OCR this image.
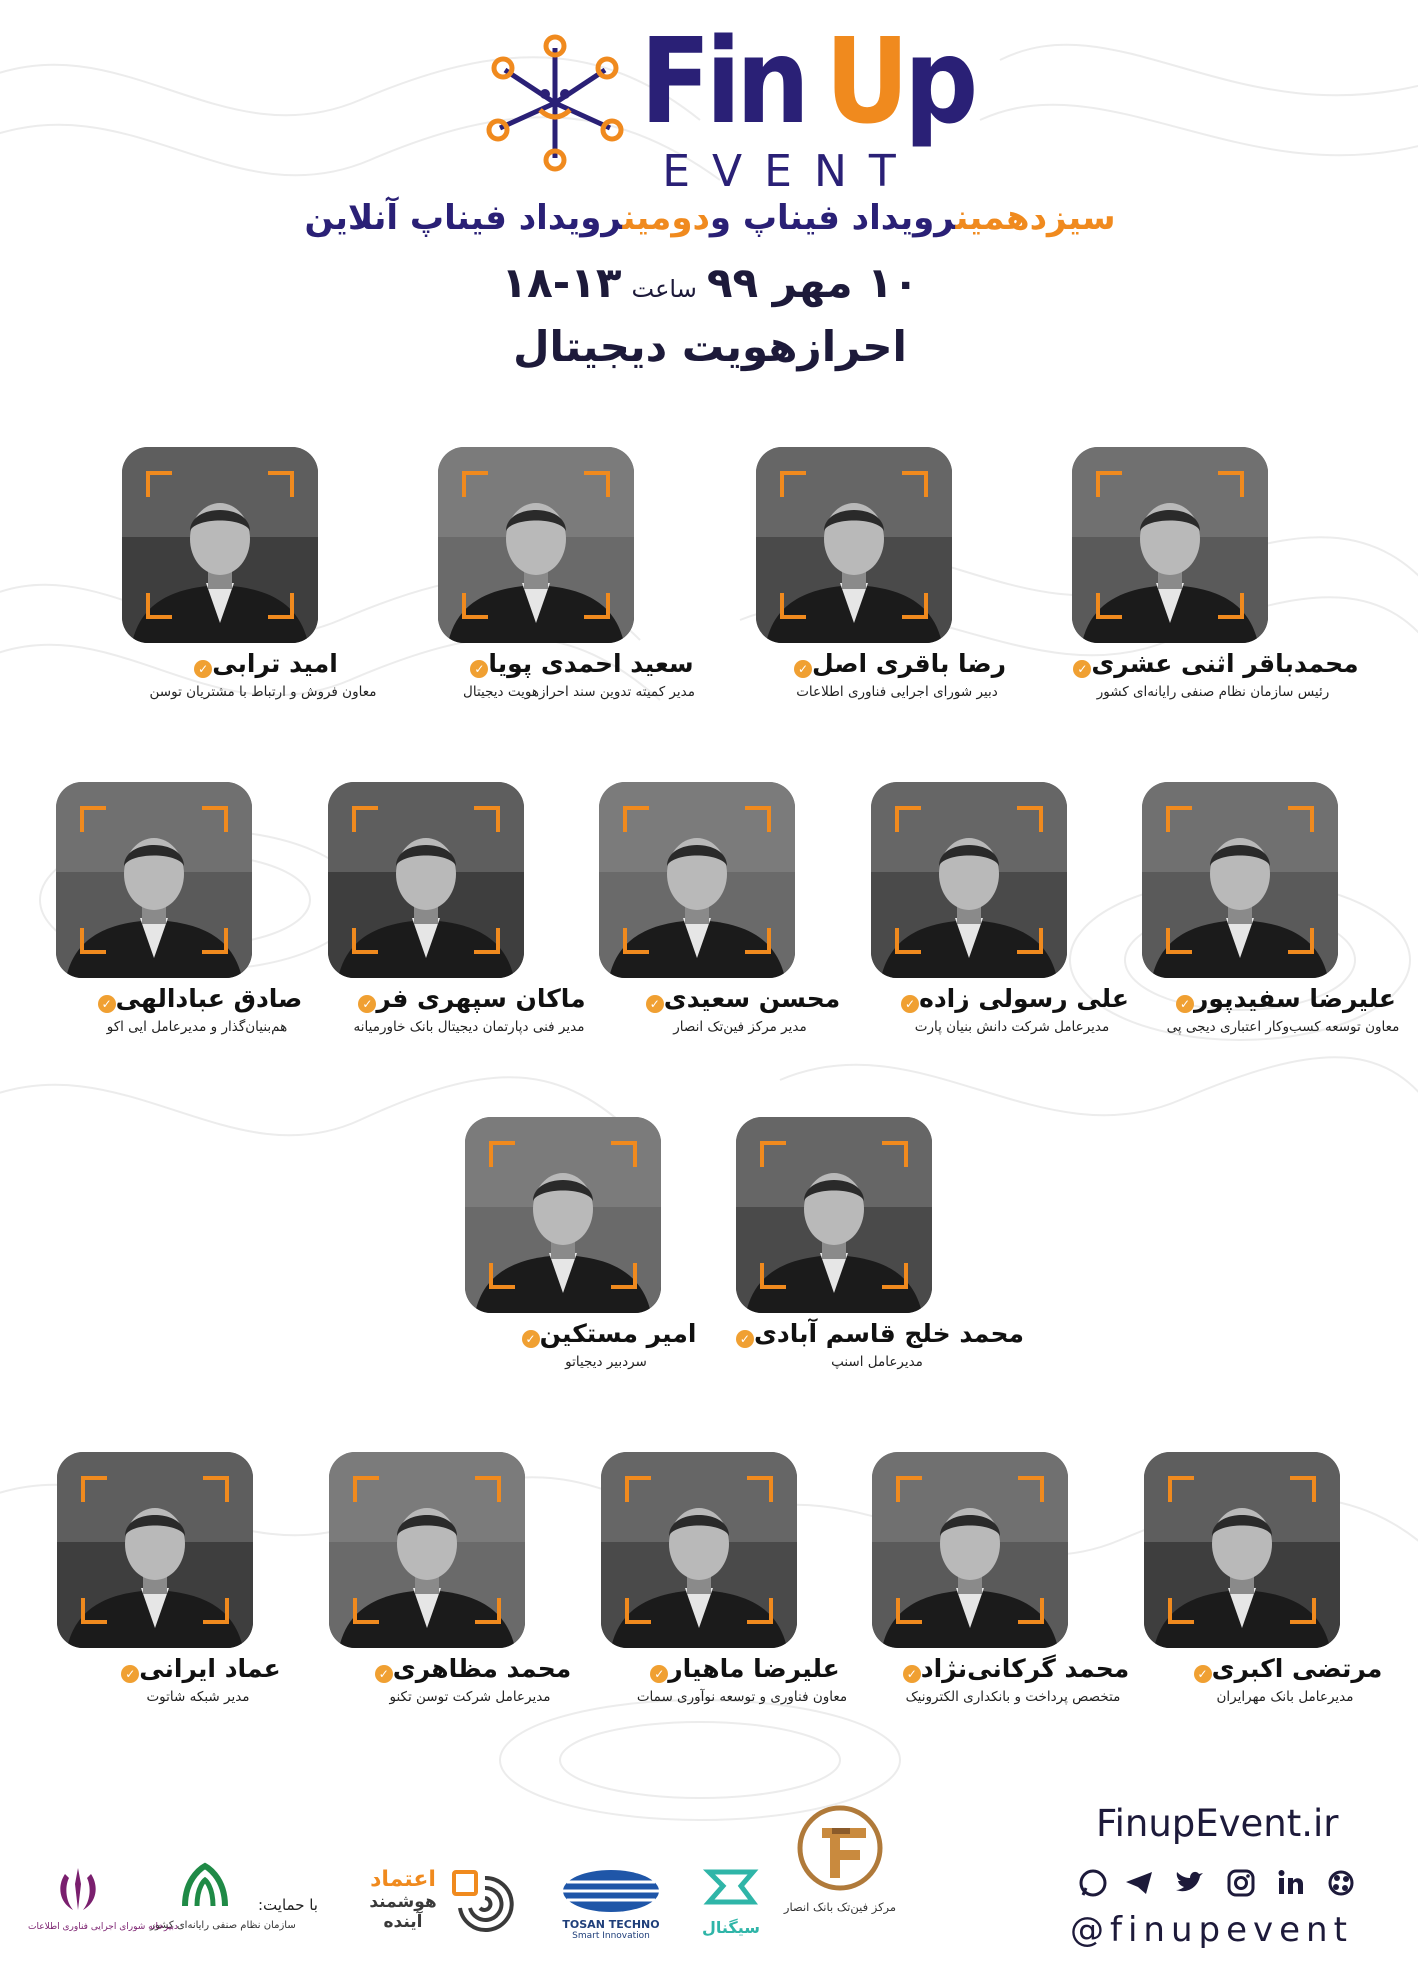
Fin Up
EVENT
سیزدهمینرویداد فیناپ ودومینرویداد فیناپ آنلاین
۱۰ مهر ۹۹ساعت۱۳-۱۸
احرازهویت دیجیتال
محمدباقر اثنی عشری✓
رئیس سازمان نظام صنفی رایانه‌ای کشور
رضا باقری اصل✓
دبیر شورای اجرایی فناوری اطلاعات
سعید احمدی پویا✓
مدیر کمیته تدوین سند احرازهویت دیجیتال
امید ترابی✓
معاون فروش و ارتباط با مشتریان توسن
علیرضا سفیدپور✓
معاون توسعه کسب‌وکار اعتباری دیجی پی
علی رسولی زاده✓
مدیرعامل شرکت دانش بنیان پارت
محسن سعیدی✓
مدیر مرکز فین‌تک انصار
ماکان سپهری فر✓
مدیر فنی دپارتمان دیجیتال بانک خاورمیانه
صادق عبادالهی✓
هم‌بنیان‌گذار و مدیرعامل ایی اکو
محمد خلج قاسم آبادی✓
مدیرعامل اسنپ
امیر مستکین✓
سردبیر دیجیاتو
مرتضی اکبری✓
مدیرعامل بانک مهرایران
محمد گرکانی‌نژاد✓
متخصص پرداخت و بانکداری الکترونیک
علیرضا ماهیار✓
معاون فناوری و توسعه نوآوری سمات
محمد مظاهری✓
مدیرعامل شرکت توسن تکنو
عماد ایرانی✓
مدیر شبکه شاتوت
FinupEvent.ir
@finupevent
مرکز فین‌تک بانک انصار
سیگنال
TOSAN TECHNO
Smart Innovation
اعتماد
هوشمند
آینده
با حمایت:
سازمان نظام صنفی رایانه‌ای کشور
دبیرخانه شورای اجرایی فناوری اطلاعات
